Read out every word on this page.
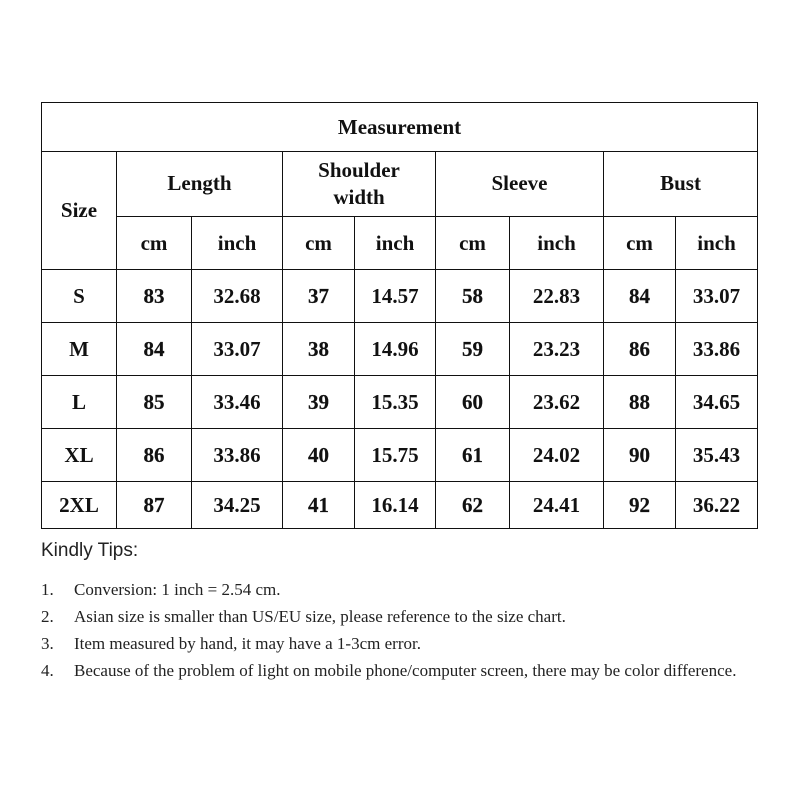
Measurement								
Size	Length		Shoulder width		Sleeve		Bust	
	cm	inch	cm	inch	cm	inch	cm	inch
S	83	32.68	37	14.57	58	22.83	84	33.07
M	84	33.07	38	14.96	59	23.23	86	33.86
L	85	33.46	39	15.35	60	23.62	88	34.65
XL	86	33.86	40	15.75	61	24.02	90	35.43
2XL	87	34.25	41	16.14	62	24.41	92	36.22

Kindly Tips:

1. Conversion: 1 inch = 2.54 cm.
2. Asian size is smaller than US/EU size, please reference to the size chart.
3. Item measured by hand, it may have a 1-3cm error.
4. Because of the problem of light on mobile phone/computer screen, there may be color difference.
